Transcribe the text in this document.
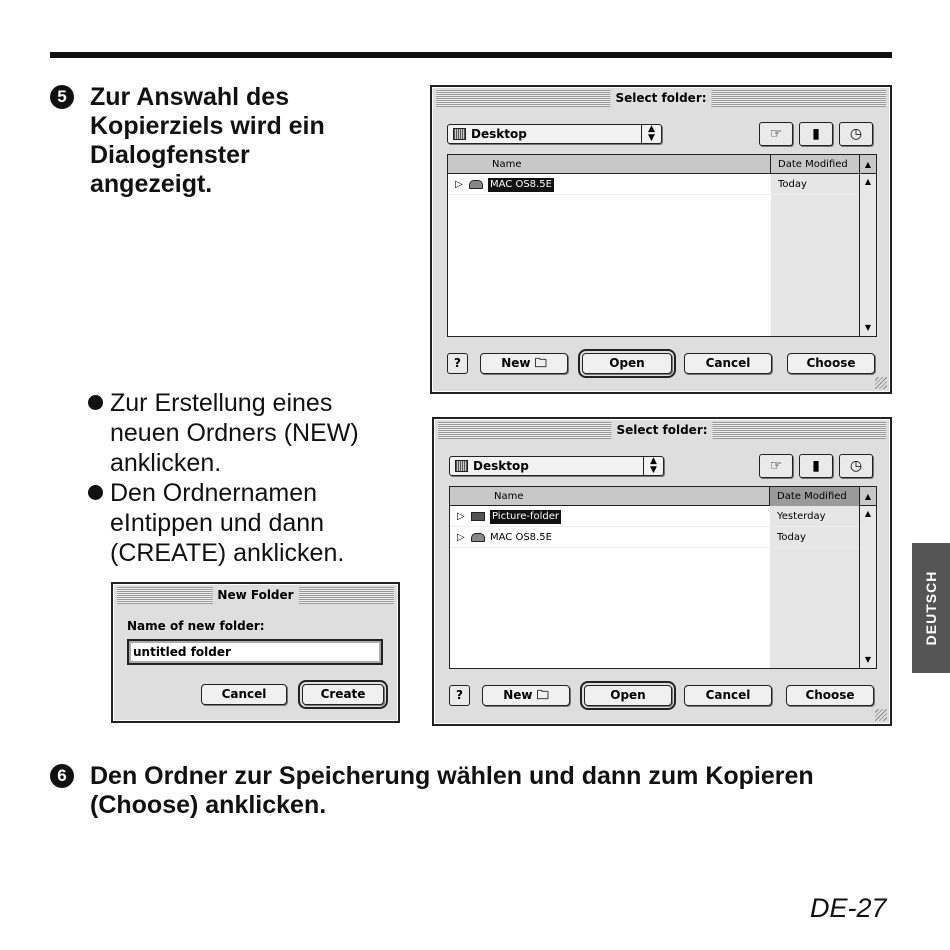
5 Zur Answahl des
Kopierziels wird ein
Dialogfenster
angezeigt.
Zur Erstellung eines
neuen Ordners (NEW)
anklicken.
Den Ordnernamen
eIntippen und dann
(CREATE) anklicken.
Select folder:
Desktop	▲
▼	☞	▮	◷
Name	Date Modified
▷	MAC OS8.5E	Today
▲
▲
▼
?	New 🗀	Open	Cancel	Choose
Select folder:
Desktop	▲
▼	☞	▮	◷
Name	Date Modified
▷	Picture-folder	Yesterday
▷	MAC OS8.5E	Today
▲
▲
▼
?	New 🗀	Open	Cancel	Choose
New Folder
Name of new folder:
untitled folder
Cancel	Create
6 Den Ordner zur Speicherung wählen und dann zum Kopieren
(Choose) anklicken.
DEUTSCH
DE-27
